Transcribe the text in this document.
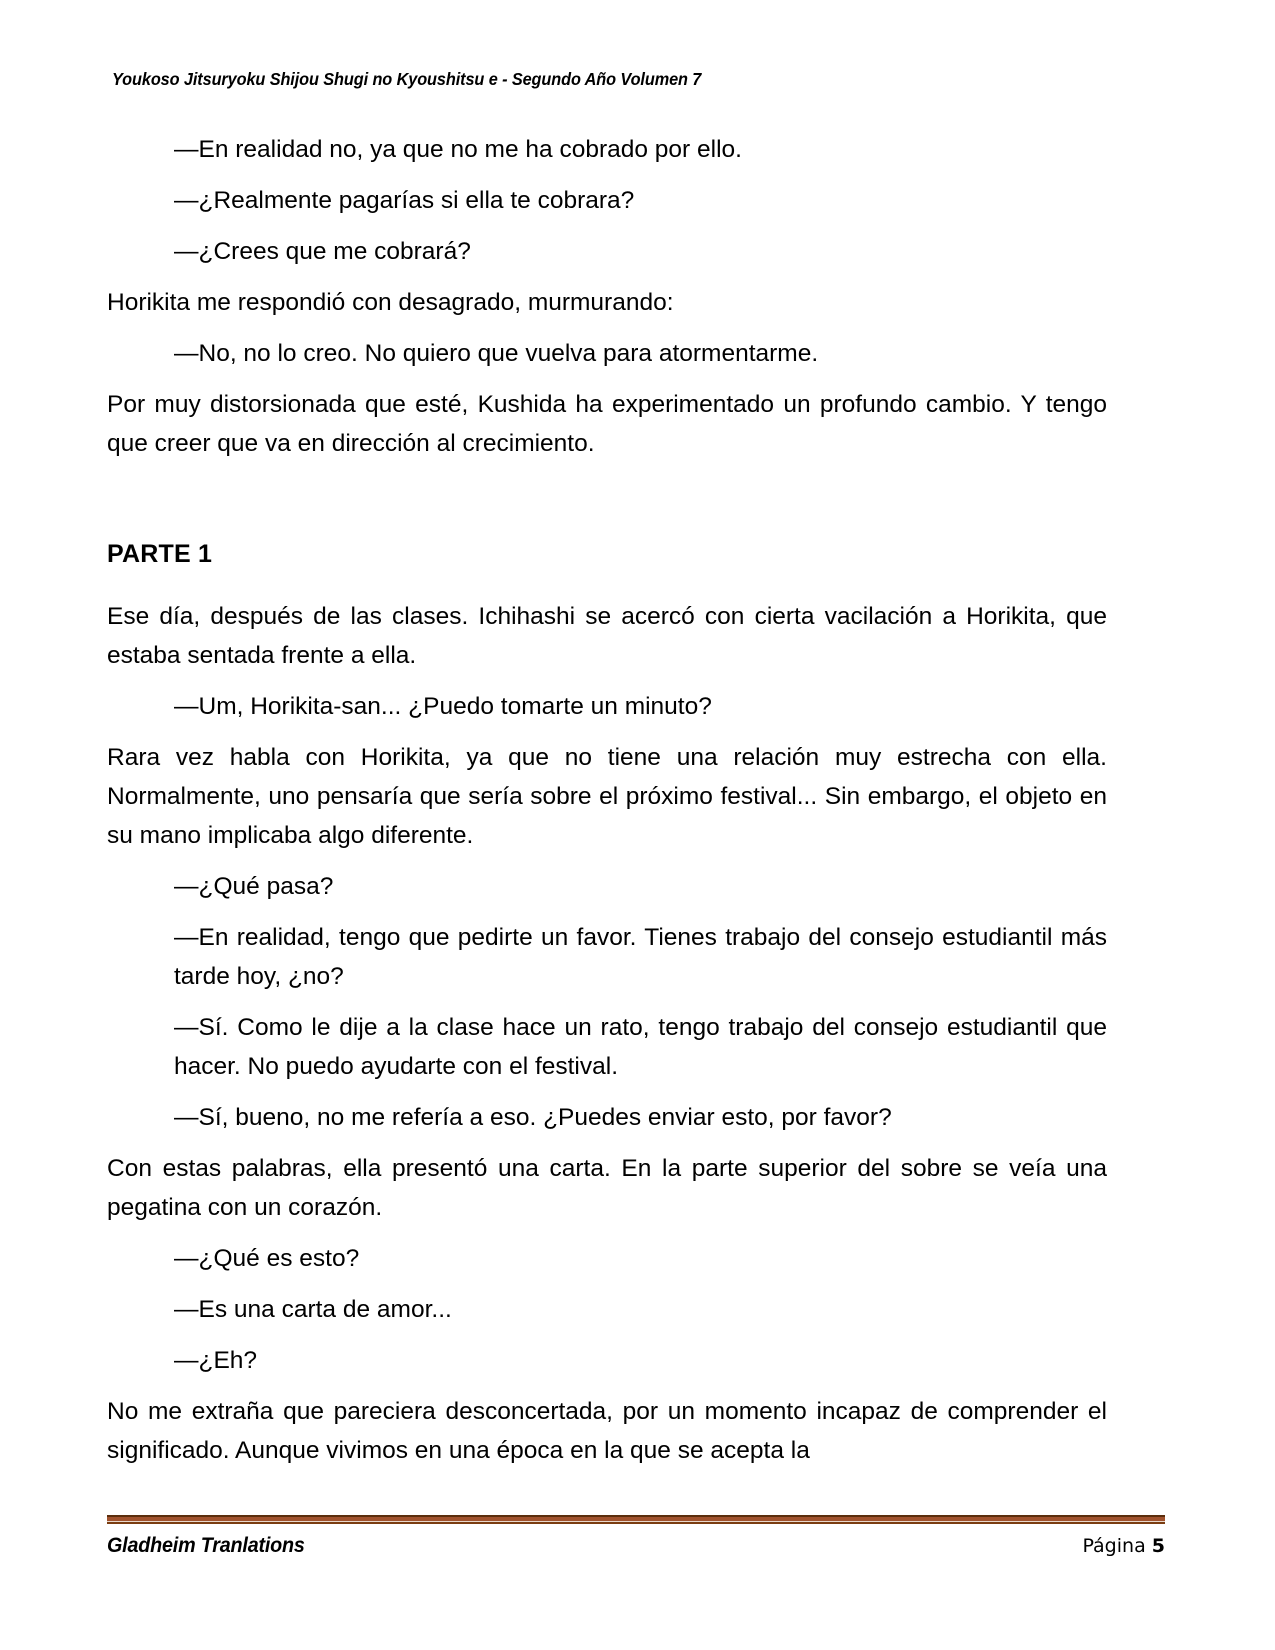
Youkoso Jitsuryoku Shijou Shugi no Kyoushitsu e - Segundo Año Volumen 7

—En realidad no, ya que no me ha cobrado por ello.

—¿Realmente pagarías si ella te cobrara?

—¿Crees que me cobrará?

Horikita me respondió con desagrado, murmurando:

—No, no lo creo. No quiero que vuelva para atormentarme.

Por muy distorsionada que esté, Kushida ha experimentado un profundo cambio. Y tengo que creer que va en dirección al crecimiento.

PARTE 1

Ese día, después de las clases. Ichihashi se acercó con cierta vacilación a Horikita, que estaba sentada frente a ella.

—Um, Horikita-san... ¿Puedo tomarte un minuto?

Rara vez habla con Horikita, ya que no tiene una relación muy estrecha con ella. Normalmente, uno pensaría que sería sobre el próximo festival... Sin embargo, el objeto en su mano implicaba algo diferente.

—¿Qué pasa?

—En realidad, tengo que pedirte un favor. Tienes trabajo del consejo estudiantil más tarde hoy, ¿no?

—Sí. Como le dije a la clase hace un rato, tengo trabajo del consejo estudiantil que hacer. No puedo ayudarte con el festival.

—Sí, bueno, no me refería a eso. ¿Puedes enviar esto, por favor?

Con estas palabras, ella presentó una carta. En la parte superior del sobre se veía una pegatina con un corazón.

—¿Qué es esto?

—Es una carta de amor...

—¿Eh?

No me extraña que pareciera desconcertada, por un momento incapaz de comprender el significado. Aunque vivimos en una época en la que se acepta la

Gladheim Tranlations	Página 5
